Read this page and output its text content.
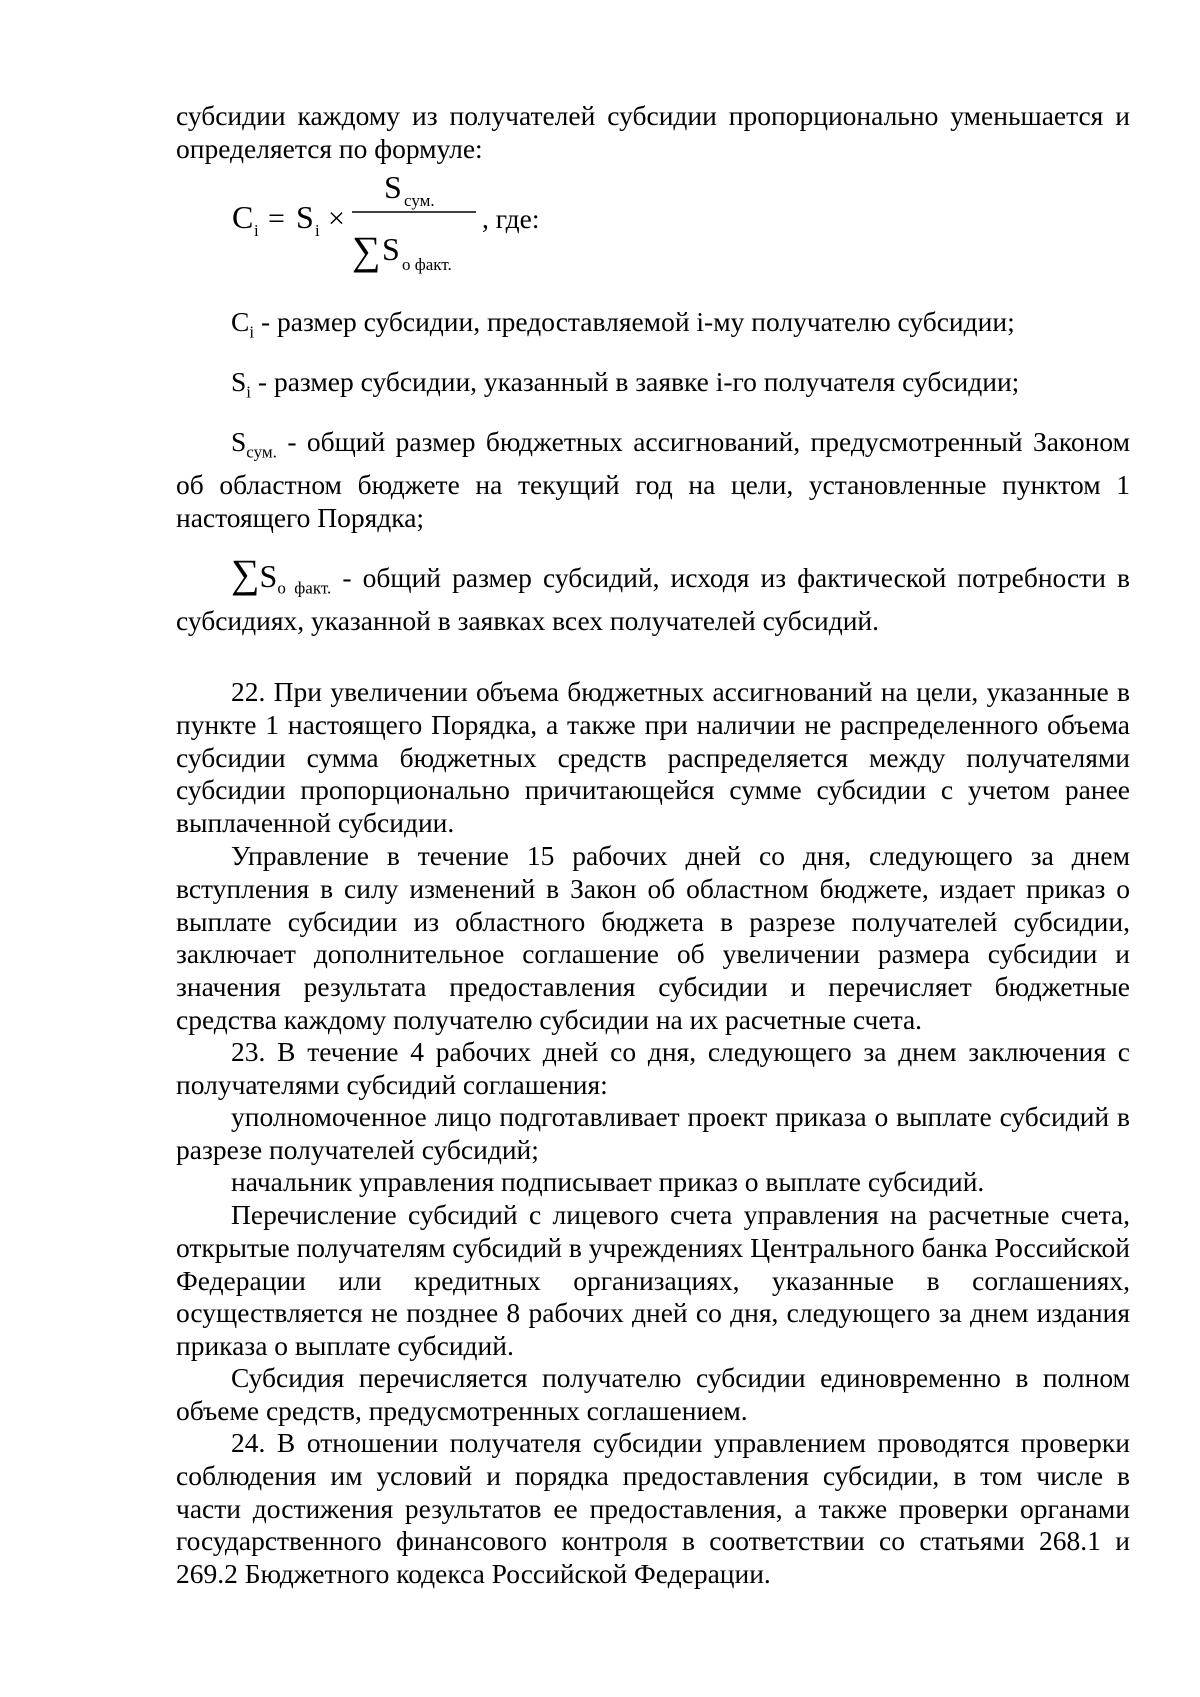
субсидии каждому из получателей субсидии пропорционально уменьшается и определяется по формуле:

C i = S i ×
S сум.
∑ S о факт.
, где:

$C_i$ - размер субсидии, предоставляемой i-му получателю субсидии;

$S_i$ - размер субсидии, указанный в заявке i-го получателя субсидии;

$S_{сум.}$ - общий размер бюджетных ассигнований, предусмотренный Законом об областном бюджете на текущий год на цели, установленные пунктом 1 настоящего Порядка;

$\sum S_{о факт.}$ - общий размер субсидий, исходя из фактической потребности в субсидиях, указанной в заявках всех получателей субсидий.

22. При увеличении объема бюджетных ассигнований на цели, указанные в пункте 1 настоящего Порядка, а также при наличии не распределенного объема субсидии сумма бюджетных средств распределяется между получателями субсидии пропорционально причитающейся сумме субсидии с учетом ранее выплаченной субсидии.

Управление в течение 15 рабочих дней со дня, следующего за днем вступления в силу изменений в Закон об областном бюджете, издает приказ о выплате субсидии из областного бюджета в разрезе получателей субсидии, заключает дополнительное соглашение об увеличении размера субсидии и значения результата предоставления субсидии и перечисляет бюджетные средства каждому получателю субсидии на их расчетные счета.

23. В течение 4 рабочих дней со дня, следующего за днем заключения с получателями субсидий соглашения:

уполномоченное лицо подготавливает проект приказа о выплате субсидий в разрезе получателей субсидий;

начальник управления подписывает приказ о выплате субсидий.

Перечисление субсидий с лицевого счета управления на расчетные счета, открытые получателям субсидий в учреждениях Центрального банка Российской Федерации или кредитных организациях, указанные в соглашениях, осуществляется не позднее 8 рабочих дней со дня, следующего за днем издания приказа о выплате субсидий.

Субсидия перечисляется получателю субсидии единовременно в полном объеме средств, предусмотренных соглашением.

24. В отношении получателя субсидии управлением проводятся проверки соблюдения им условий и порядка предоставления субсидии, в том числе в части достижения результатов ее предоставления, а также проверки органами государственного финансового контроля в соответствии со статьями 268.1 и 269.2 Бюджетного кодекса Российской Федерации.
